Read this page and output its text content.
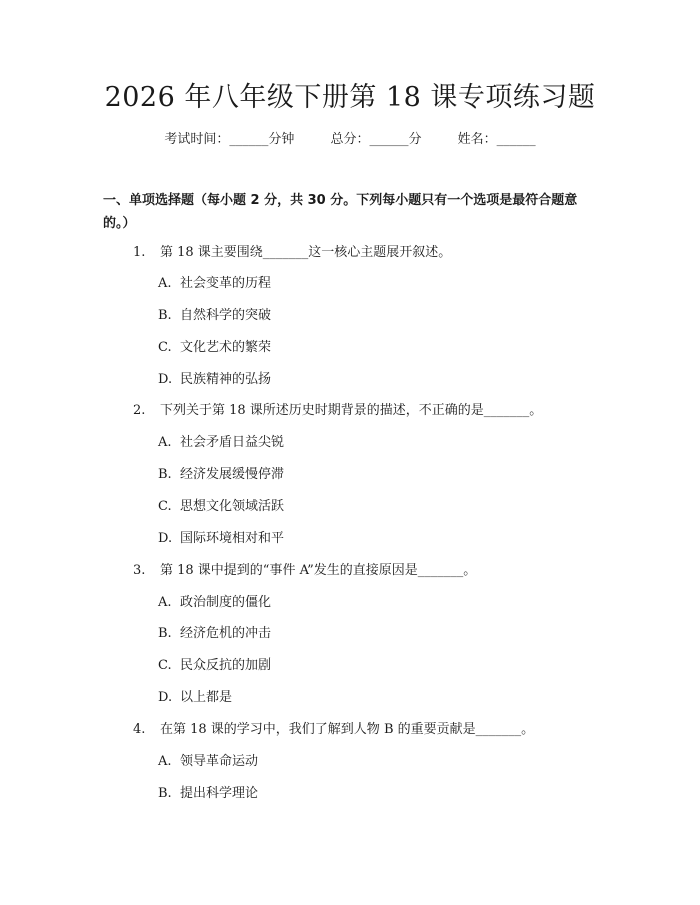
2026 年八年级下册第 18 课专项练习题
考试时间：______分钟	总分：______分	姓名：______
一、单项选择题（每小题 2 分，共 30 分。下列每小题只有一个选项是最符合题意的。）
1. 第 18 课主要围绕_______这一核心主题展开叙述。
A. 社会变革的历程
B. 自然科学的突破
C. 文化艺术的繁荣
D. 民族精神的弘扬
2. 下列关于第 18 课所述历史时期背景的描述，不正确的是_______。
A. 社会矛盾日益尖锐
B. 经济发展缓慢停滞
C. 思想文化领域活跃
D. 国际环境相对和平
3. 第 18 课中提到的“事件 A”发生的直接原因是_______。
A. 政治制度的僵化
B. 经济危机的冲击
C. 民众反抗的加剧
D. 以上都是
4. 在第 18 课的学习中，我们了解到人物 B 的重要贡献是_______。
A. 领导革命运动
B. 提出科学理论
